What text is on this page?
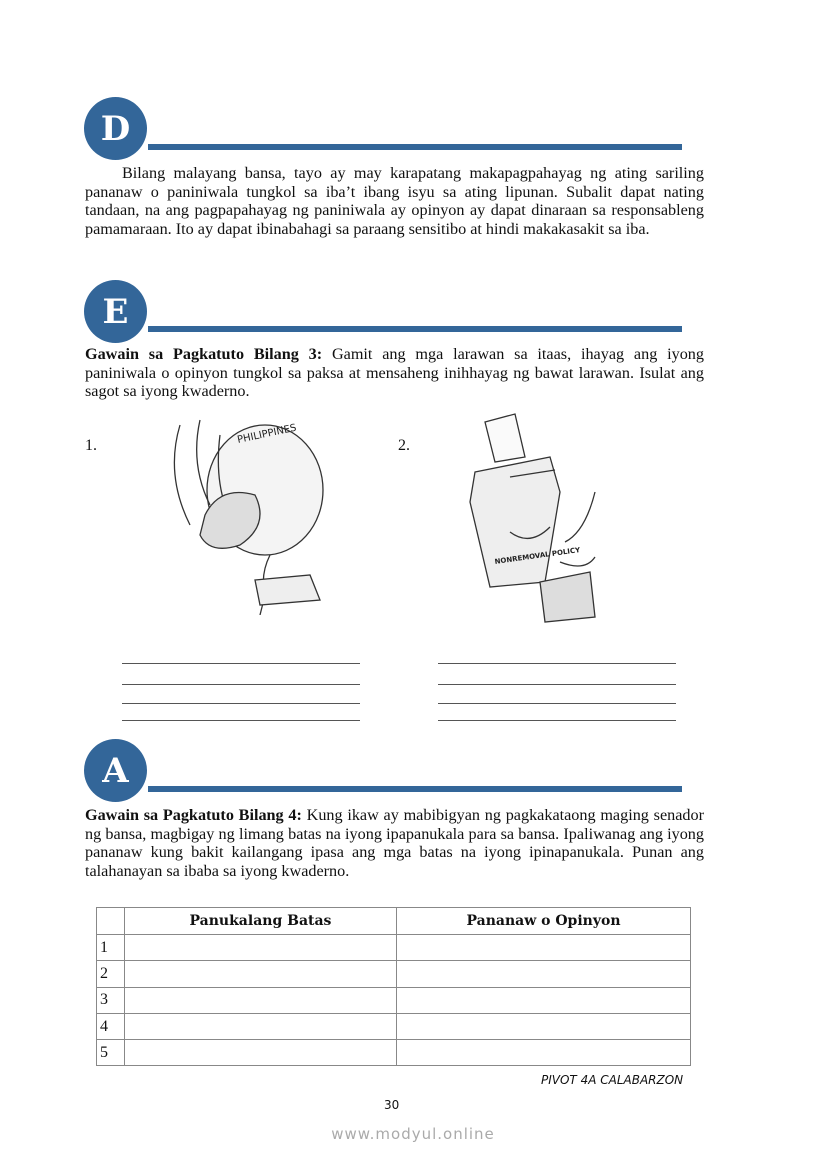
D

Bilang malayang bansa, tayo ay may karapatang makapagpahayag ng ating sariling pananaw o paniniwala tungkol sa iba’t ibang isyu sa ating lipunan. Subalit dapat nating tandaan, na ang pagpapahayag ng paniniwala ay opinyon ay dapat dinaraan sa responsableng pamamaraan. Ito ay dapat ibinabahagi sa paraang sensitibo at hindi makakasakit sa iba.

E

Gawain sa Pagkatuto Bilang 3: Gamit ang mga larawan sa itaas, ihayag ang iyong paniniwala o opinyon tungkol sa paksa at mensaheng inihhayag ng bawat larawan. Isulat ang sagot sa iyong kwaderno.

1.	PHILIPPINES	2.
NONREMOVAL POLICY
A

Gawain sa Pagkatuto Bilang 4: Kung ikaw ay mabibigyan ng pagkakataong maging senador ng bansa, magbigay ng limang batas na iyong ipapanukala para sa bansa. Ipaliwanag ang iyong pananaw kung bakit kailangang ipasa ang mga batas na iyong ipinapanukala. Punan ang talahanayan sa ibaba sa iyong kwaderno.

	Panukalang Batas	Pananaw o Opinyon
1		
2		
3		
4		
5		
PIVOT 4A CALABARZON
30
www.modyul.online
